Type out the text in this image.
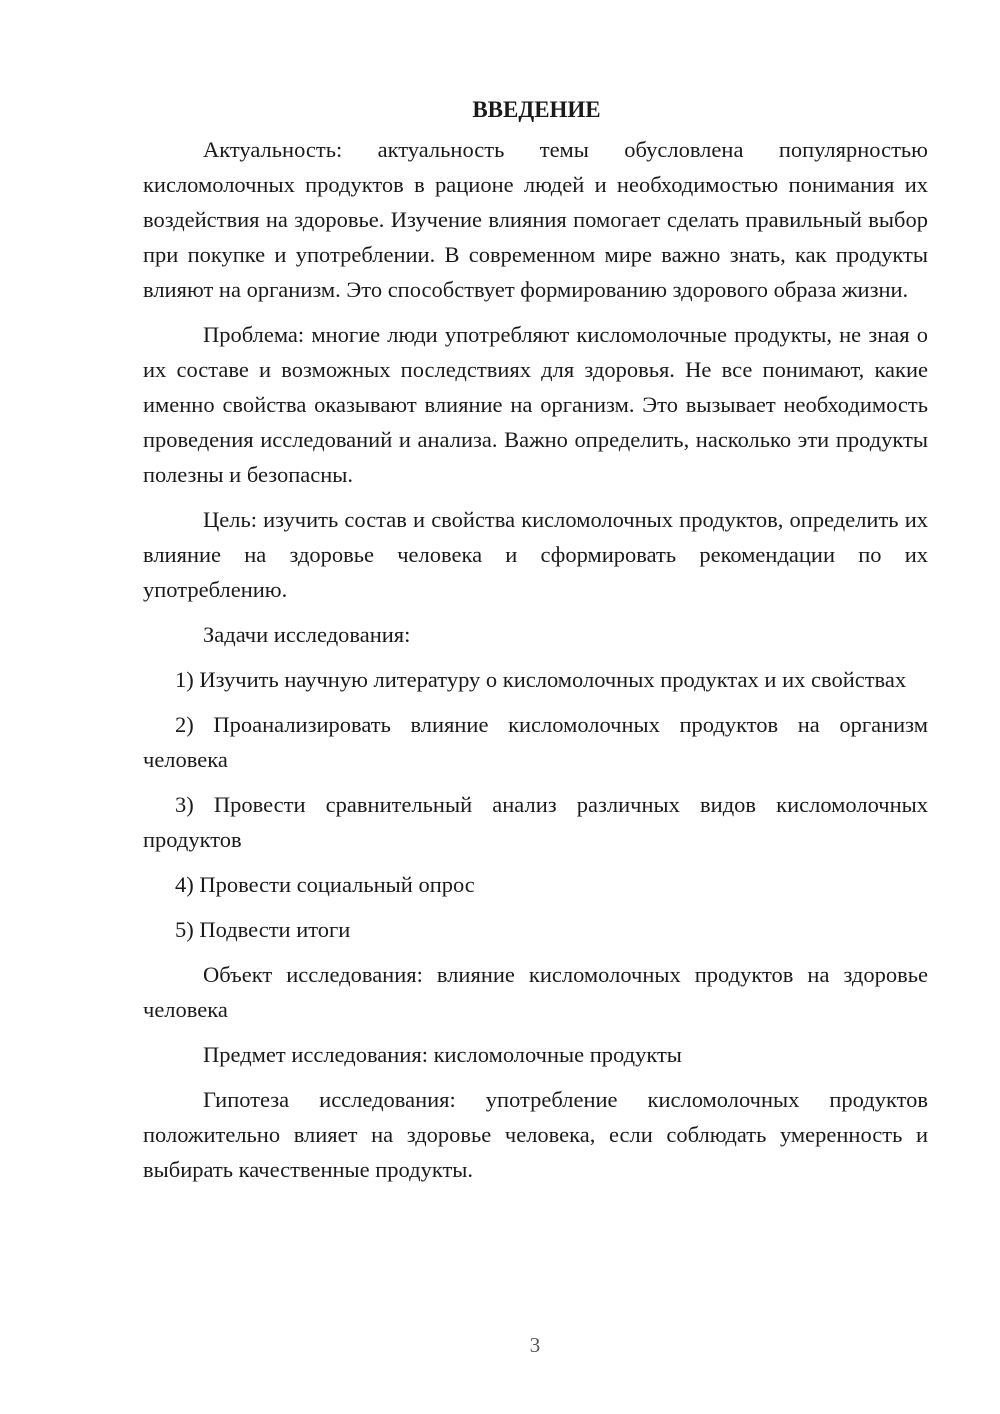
ВВЕДЕНИЕ

Актуальность: актуальность темы обусловлена популярностью кисломолочных продуктов в рационе людей и необходимостью понимания их воздействия на здоровье. Изучение влияния помогает сделать правильный выбор при покупке и употреблении. В современном мире важно знать, как продукты влияют на организм. Это способствует формированию здорового образа жизни.

Проблема: многие люди употребляют кисломолочные продукты, не зная о их составе и возможных последствиях для здоровья. Не все понимают, какие именно свойства оказывают влияние на организм. Это вызывает необходимость проведения исследований и анализа. Важно определить, насколько эти продукты полезны и безопасны.

Цель: изучить состав и свойства кисломолочных продуктов, определить их влияние на здоровье человека и сформировать рекомендации по их употреблению.

Задачи исследования:

1) Изучить научную литературу о кисломолочных продуктах и их свойствах

2) Проанализировать влияние кисломолочных продуктов на организм человека

3) Провести сравнительный анализ различных видов кисломолочных продуктов

4) Провести социальный опрос

5) Подвести итоги

Объект исследования: влияние кисломолочных продуктов на здоровье человека

Предмет исследования: кисломолочные продукты

Гипотеза исследования: употребление кисломолочных продуктов положительно влияет на здоровье человека, если соблюдать умеренность и выбирать качественные продукты.

3
